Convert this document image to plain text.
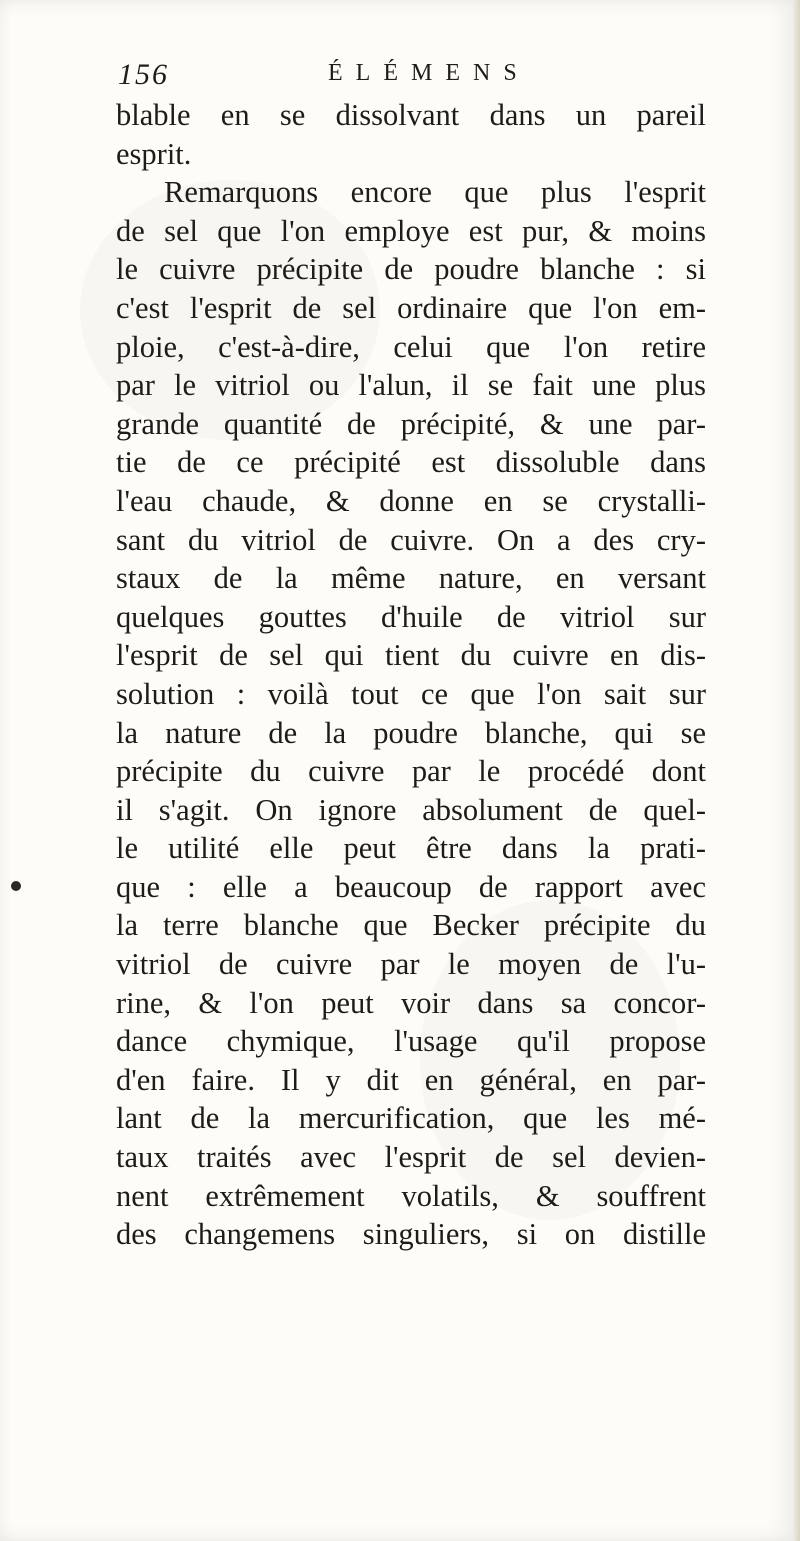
156	ÉLÉMENS
blable en se dissolvant dans un pareil
esprit.
Remarquons encore que plus l'esprit
de sel que l'on employe est pur, & moins
le cuivre précipite de poudre blanche : si
c'est l'esprit de sel ordinaire que l'on em-
ploie, c'est-à-dire, celui que l'on retire
par le vitriol ou l'alun, il se fait une plus
grande quantité de précipité, & une par-
tie de ce précipité est dissoluble dans
l'eau chaude, & donne en se crystalli-
sant du vitriol de cuivre. On a des cry-
staux de la même nature, en versant
quelques gouttes d'huile de vitriol sur
l'esprit de sel qui tient du cuivre en dis-
solution : voilà tout ce que l'on sait sur
la nature de la poudre blanche, qui se
précipite du cuivre par le procédé dont
il s'agit. On ignore absolument de quel-
le utilité elle peut être dans la prati-
que : elle a beaucoup de rapport avec
la terre blanche que Becker précipite du
vitriol de cuivre par le moyen de l'u-
rine, & l'on peut voir dans sa concor-
dance chymique, l'usage qu'il propose
d'en faire. Il y dit en général, en par-
lant de la mercurification, que les mé-
taux traités avec l'esprit de sel devien-
nent extrêmement volatils, & souffrent
des changemens singuliers, si on distille
